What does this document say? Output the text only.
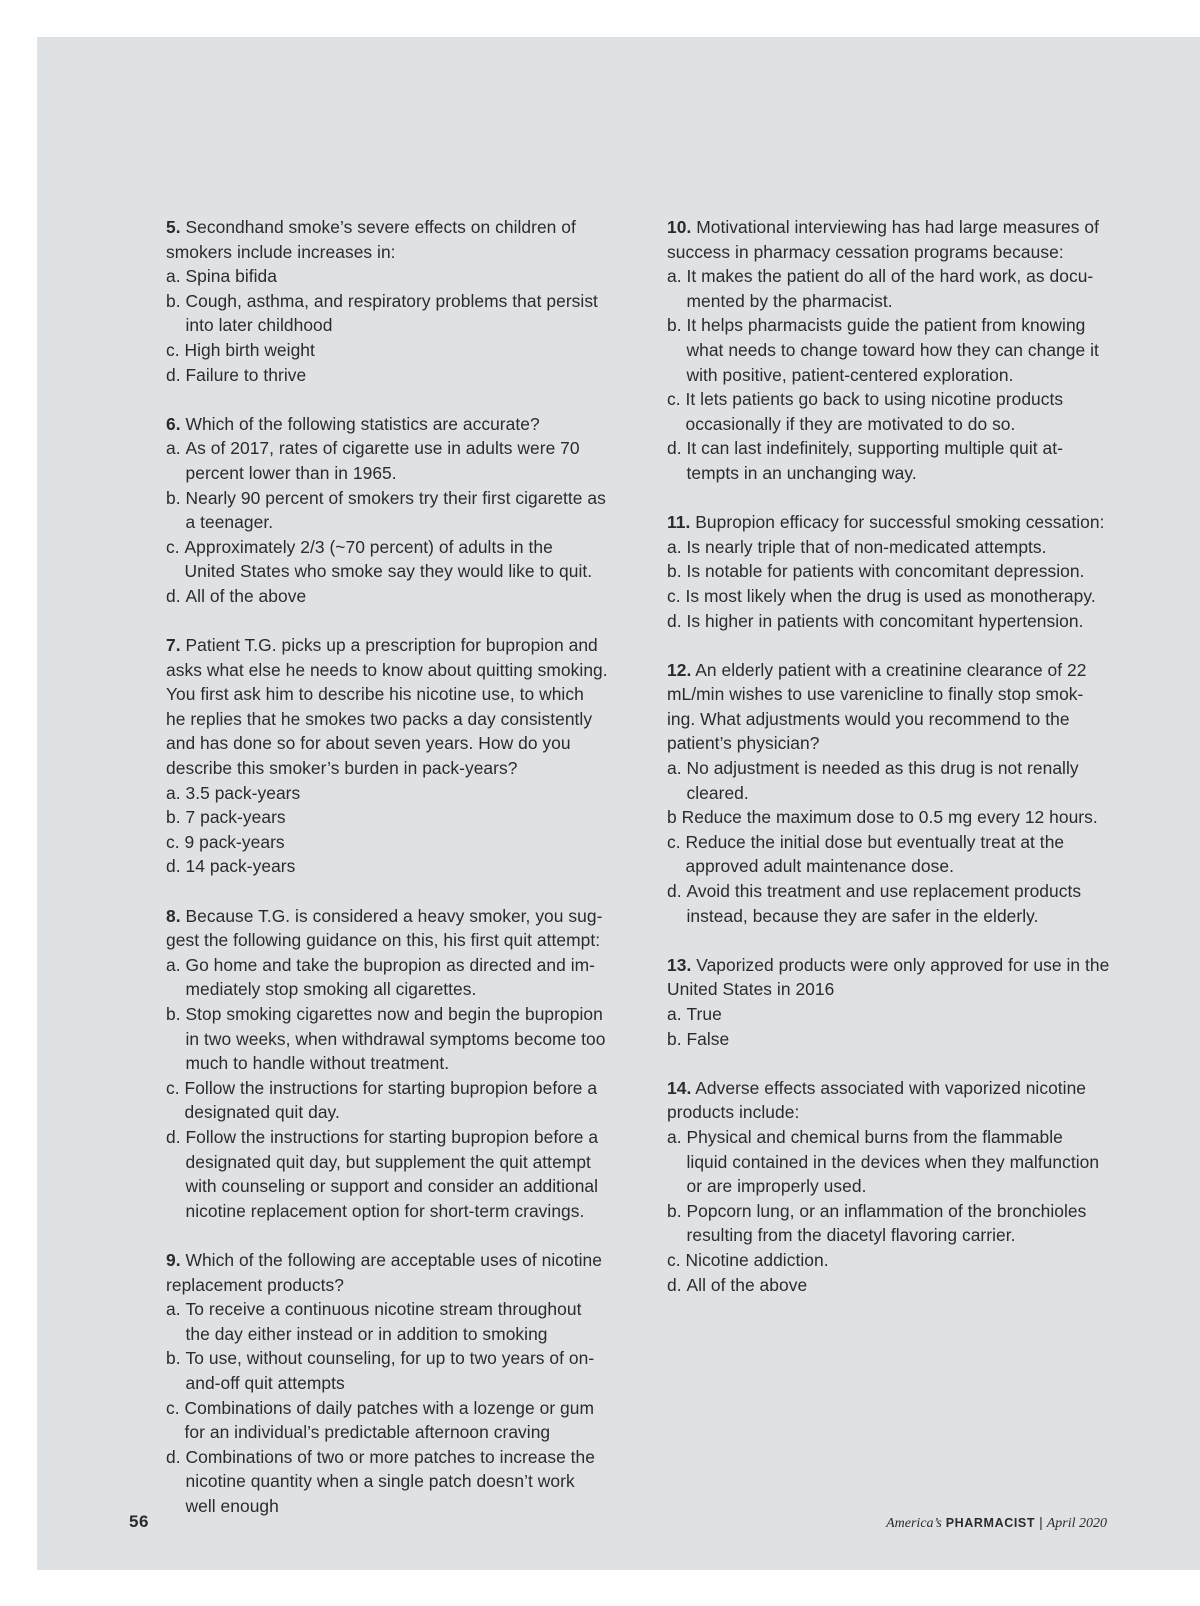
5. Secondhand smoke’s severe effects on children of
smokers include increases in:
a. Spina bifida
b. Cough, asthma, and respiratory problems that persist
into later childhood
c. High birth weight
d. Failure to thrive
6. Which of the following statistics are accurate?
a. As of 2017, rates of cigarette use in adults were 70
percent lower than in 1965.
b. Nearly 90 percent of smokers try their first cigarette as
a teenager.
c. Approximately 2/3 (~70 percent) of adults in the
United States who smoke say they would like to quit.
d. All of the above
7. Patient T.G. picks up a prescription for bupropion and
asks what else he needs to know about quitting smoking.
You first ask him to describe his nicotine use, to which
he replies that he smokes two packs a day consistently
and has done so for about seven years. How do you
describe this smoker’s burden in pack-years?
a. 3.5 pack-years
b. 7 pack-years
c. 9 pack-years
d. 14 pack-years
8. Because T.G. is considered a heavy smoker, you sug-
gest the following guidance on this, his first quit attempt:
a. Go home and take the bupropion as directed and im-
mediately stop smoking all cigarettes.
b. Stop smoking cigarettes now and begin the bupropion
in two weeks, when withdrawal symptoms become too
much to handle without treatment.
c. Follow the instructions for starting bupropion before a
designated quit day.
d. Follow the instructions for starting bupropion before a
designated quit day, but supplement the quit attempt
with counseling or support and consider an additional
nicotine replacement option for short-term cravings.
9. Which of the following are acceptable uses of nicotine
replacement products?
a. To receive a continuous nicotine stream throughout
the day either instead or in addition to smoking
b. To use, without counseling, for up to two years of on-
and-off quit attempts
c. Combinations of daily patches with a lozenge or gum
for an individual’s predictable afternoon craving
d. Combinations of two or more patches to increase the
nicotine quantity when a single patch doesn’t work
well enough
10. Motivational interviewing has had large measures of
success in pharmacy cessation programs because:
a. It makes the patient do all of the hard work, as docu-
mented by the pharmacist.
b. It helps pharmacists guide the patient from knowing
what needs to change toward how they can change it
with positive, patient-centered exploration.
c. It lets patients go back to using nicotine products
occasionally if they are motivated to do so.
d. It can last indefinitely, supporting multiple quit at-
tempts in an unchanging way.
11. Bupropion efficacy for successful smoking cessation:
a. Is nearly triple that of non-medicated attempts.
b. Is notable for patients with concomitant depression.
c. Is most likely when the drug is used as monotherapy.
d. Is higher in patients with concomitant hypertension.
12. An elderly patient with a creatinine clearance of 22
mL/min wishes to use varenicline to finally stop smok-
ing. What adjustments would you recommend to the
patient’s physician?
a. No adjustment is needed as this drug is not renally
cleared.
b Reduce the maximum dose to 0.5 mg every 12 hours.
c. Reduce the initial dose but eventually treat at the
approved adult maintenance dose.
d. Avoid this treatment and use replacement products
instead, because they are safer in the elderly.
13. Vaporized products were only approved for use in the
United States in 2016
a. True
b. False
14. Adverse effects associated with vaporized nicotine
products include:
a. Physical and chemical burns from the flammable
liquid contained in the devices when they malfunction
or are improperly used.
b. Popcorn lung, or an inflammation of the bronchioles
resulting from the diacetyl flavoring carrier.
c. Nicotine addiction.
d. All of the above
56	America’s PHARMACIST | April 2020
